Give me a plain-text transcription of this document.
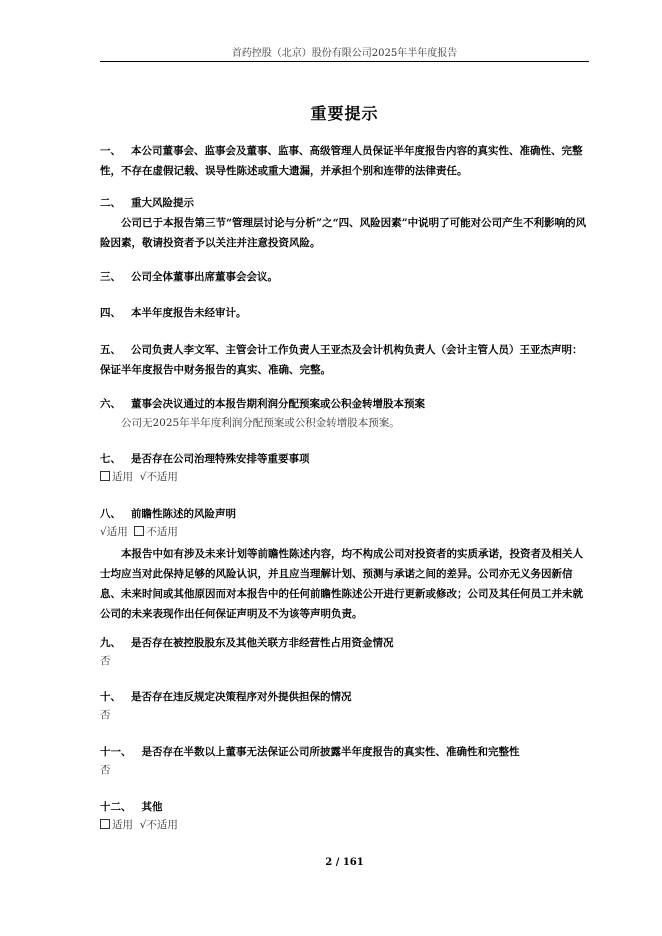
首药控股（北京）股份有限公司2025年半年度报告
重要提示

一、 本公司董事会、监事会及董事、监事、高级管理人员保证半年度报告内容的真实性、准确性、完整性，不存在虚假记载、误导性陈述或重大遗漏，并承担个别和连带的法律责任。

二、 重大风险提示

公司已于本报告第三节“管理层讨论与分析”之“四、风险因素”中说明了可能对公司产生不利影响的风险因素，敬请投资者予以关注并注意投资风险。

三、 公司全体董事出席董事会会议。

四、 本半年度报告未经审计。

五、 公司负责人李文军、主管会计工作负责人王亚杰及会计机构负责人（会计主管人员）王亚杰声明：保证半年度报告中财务报告的真实、准确、完整。

六、 董事会决议通过的本报告期利润分配预案或公积金转增股本预案

公司无2025年半年度利润分配预案或公积金转增股本预案。

七、 是否存在公司治理特殊安排等重要事项

适用 √不适用

八、 前瞻性陈述的风险声明

√适用 不适用

本报告中如有涉及未来计划等前瞻性陈述内容，均不构成公司对投资者的实质承诺，投资者及相关人士均应当对此保持足够的风险认识，并且应当理解计划、预测与承诺之间的差异。公司亦无义务因新信息、未来时间或其他原因而对本报告中的任何前瞻性陈述公开进行更新或修改；公司及其任何员工并未就公司的未来表现作出任何保证声明及不为该等声明负责。

九、 是否存在被控股股东及其他关联方非经营性占用资金情况

否

十、 是否存在违反规定决策程序对外提供担保的情况

否

十一、 是否存在半数以上董事无法保证公司所披露半年度报告的真实性、准确性和完整性

否

十二、 其他

适用 √不适用
2 / 161
